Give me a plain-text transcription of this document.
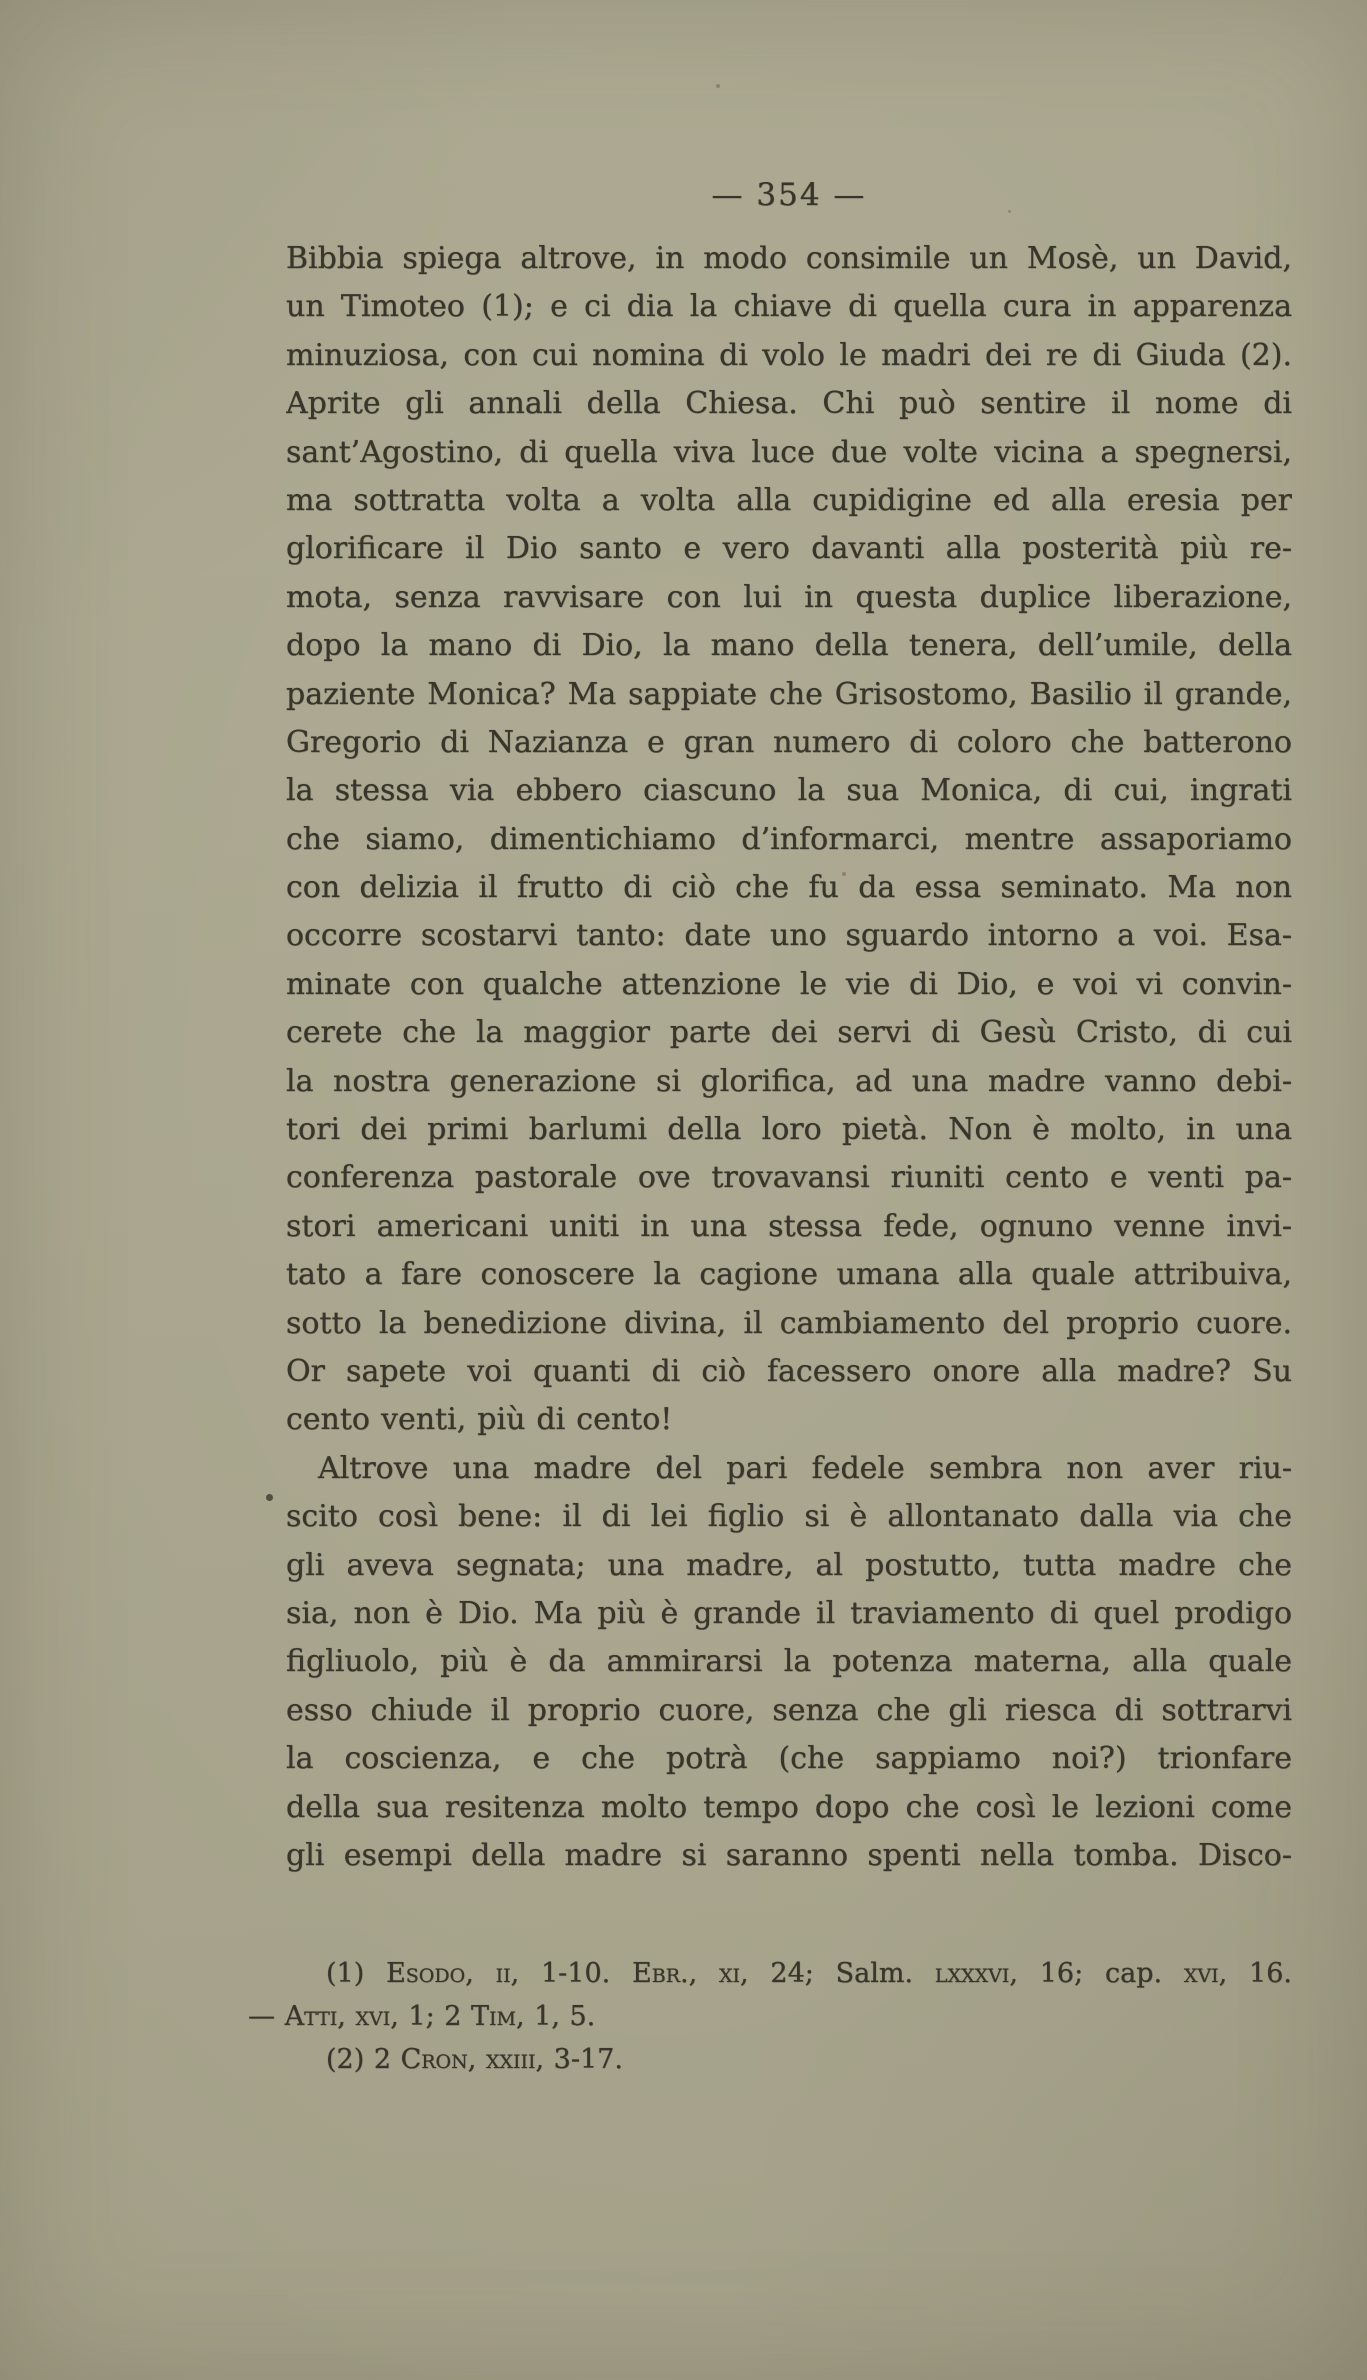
— 354 —
Bibbia spiega altrove, in modo consimile un Mosè, un David,
un Timoteo (1); e ci dia la chiave di quella cura in apparenza
minuziosa, con cui nomina di volo le madri dei re di Giuda (2).
Aprite gli annali della Chiesa. Chi può sentire il nome di
sant’Agostino, di quella viva luce due volte vicina a spegnersi,
ma sottratta volta a volta alla cupidigine ed alla eresia per
glorificare il Dio santo e vero davanti alla posterità più re-
mota, senza ravvisare con lui in questa duplice liberazione,
dopo la mano di Dio, la mano della tenera, dell’umile, della
paziente Monica? Ma sappiate che Grisostomo, Basilio il grande,
Gregorio di Nazianza e gran numero di coloro che batterono
la stessa via ebbero ciascuno la sua Monica, di cui, ingrati
che siamo, dimentichiamo d’informarci, mentre assaporiamo
con delizia il frutto di ciò che fu da essa seminato. Ma non
occorre scostarvi tanto: date uno sguardo intorno a voi. Esa-
minate con qualche attenzione le vie di Dio, e voi vi convin-
cerete che la maggior parte dei servi di Gesù Cristo, di cui
la nostra generazione si glorifica, ad una madre vanno debi-
tori dei primi barlumi della loro pietà. Non è molto, in una
conferenza pastorale ove trovavansi riuniti cento e venti pa-
stori americani uniti in una stessa fede, ognuno venne invi-
tato a fare conoscere la cagione umana alla quale attribuiva,
sotto la benedizione divina, il cambiamento del proprio cuore.
Or sapete voi quanti di ciò facessero onore alla madre? Su
cento venti, più di cento!
Altrove una madre del pari fedele sembra non aver riu-
scito così bene: il di lei figlio si è allontanato dalla via che
gli aveva segnata; una madre, al postutto, tutta madre che
sia, non è Dio. Ma più è grande il traviamento di quel prodigo
figliuolo, più è da ammirarsi la potenza materna, alla quale
esso chiude il proprio cuore, senza che gli riesca di sottrarvi
la coscienza, e che potrà (che sappiamo noi?) trionfare
della sua resitenza molto tempo dopo che così le lezioni come
gli esempi della madre si saranno spenti nella tomba. Disco-
(1) Esodo, ii, 1-10. Ebr., xi, 24; Salm. lxxxvi, 16; cap. xvi, 16.
— Atti, xvi, 1; 2 Tim, 1, 5.
(2) 2 Cron, xxiii, 3-17.
